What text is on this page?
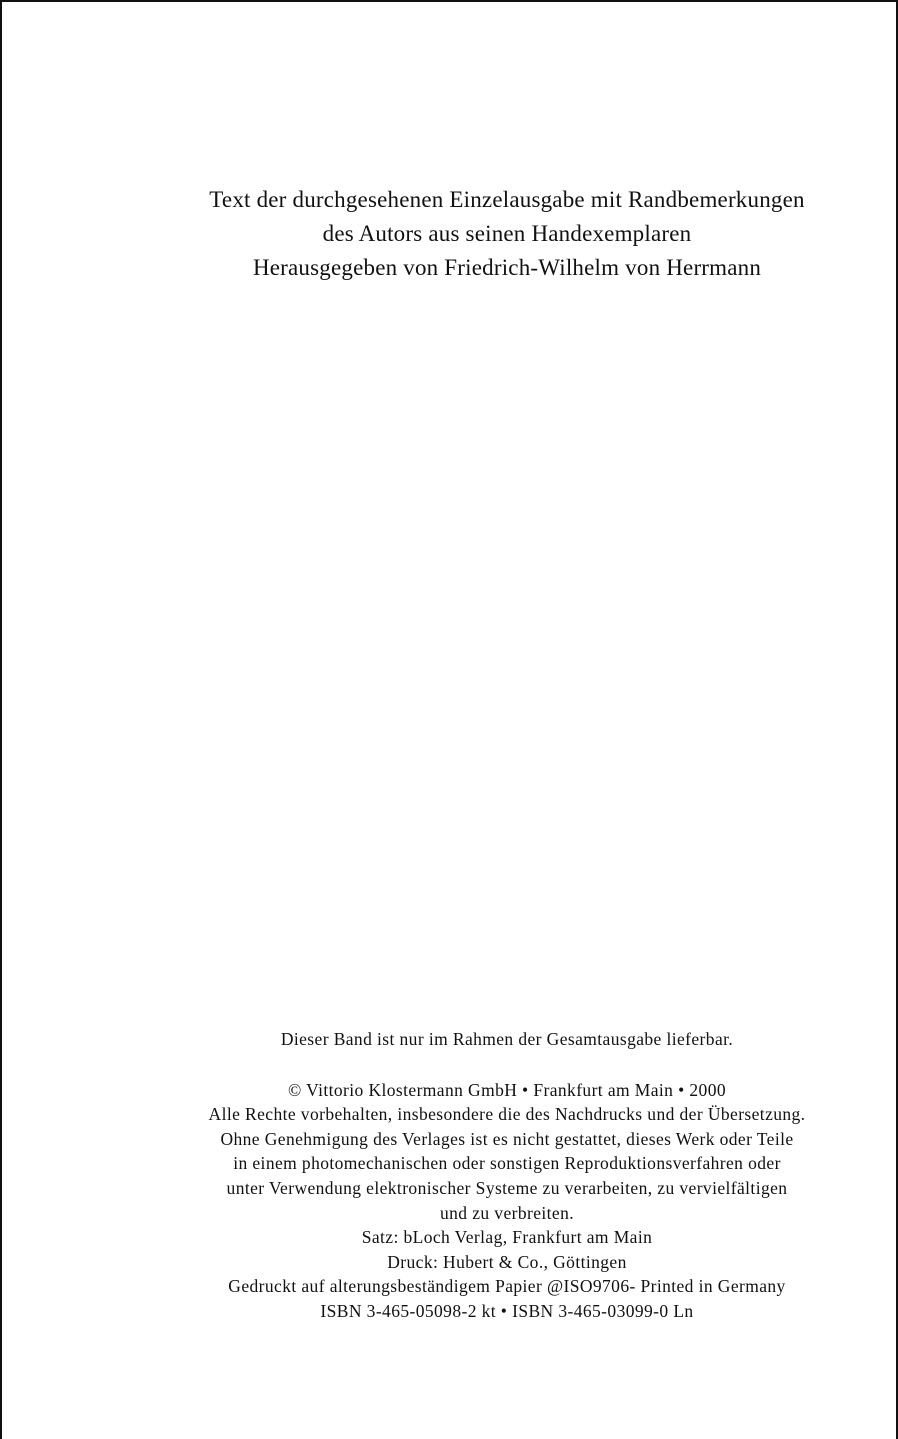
Text der durchgesehenen Einzelausgabe mit Randbemerkungen
des Autors aus seinen Handexemplaren
Herausgegeben von Friedrich-Wilhelm von Herrmann
Dieser Band ist nur im Rahmen der Gesamtausgabe lieferbar.
© Vittorio Klostermann GmbH • Frankfurt am Main • 2000
Alle Rechte vorbehalten, insbesondere die des Nachdrucks und der Übersetzung.
Ohne Genehmigung des Verlages ist es nicht gestattet, dieses Werk oder Teile
in einem photomechanischen oder sonstigen Reproduktionsverfahren oder
unter Verwendung elektronischer Systeme zu verarbeiten, zu vervielfältigen
und zu verbreiten.
Satz: bLoch Verlag, Frankfurt am Main
Druck: Hubert & Co., Göttingen
Gedruckt auf alterungsbeständigem Papier @ISO9706- Printed in Germany
ISBN 3-465-05098-2 kt • ISBN 3-465-03099-0 Ln
